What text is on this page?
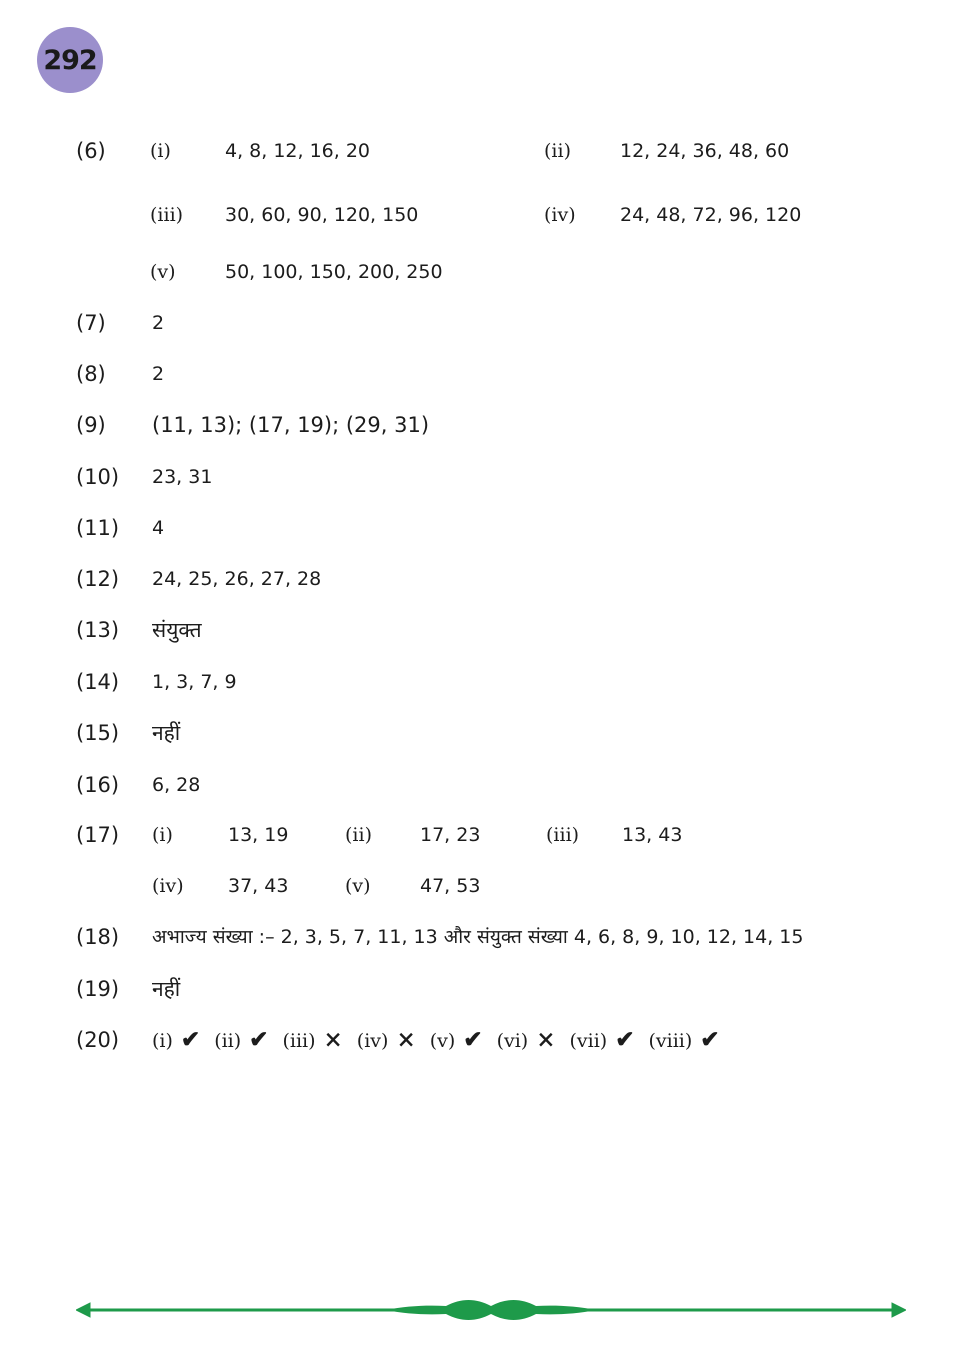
292
(6) (i)	4, 8, 12, 16, 20	(ii)	12, 24, 36, 48, 60
(iii) 30, 60, 90, 120, 150	(iv) 24, 48, 72, 96, 120
(v)	50, 100, 150, 200, 250
(7) 2
(8) 2
(9) (11, 13); (17, 19); (29, 31)
(10) 23, 31
(11) 4
(12) 24, 25, 26, 27, 28
(13) संयुक्त
(14) 1, 3, 7, 9
(15) नहीं
(16) 6, 28
(17) (i)	13, 19	(ii)	17, 23	(iii) 13, 43
(iv) 37, 43	(v)	47, 53
(18) अभाज्य संख्या :– 2, 3, 5, 7, 11, 13 और संयुक्त संख्या 4, 6, 8, 9, 10, 12, 14, 15
(19) नहीं
(20) (i) ✔ (ii) ✔ (iii) × (iv) × (v) ✔ (vi) × (vii) ✔ (viii) ✔
